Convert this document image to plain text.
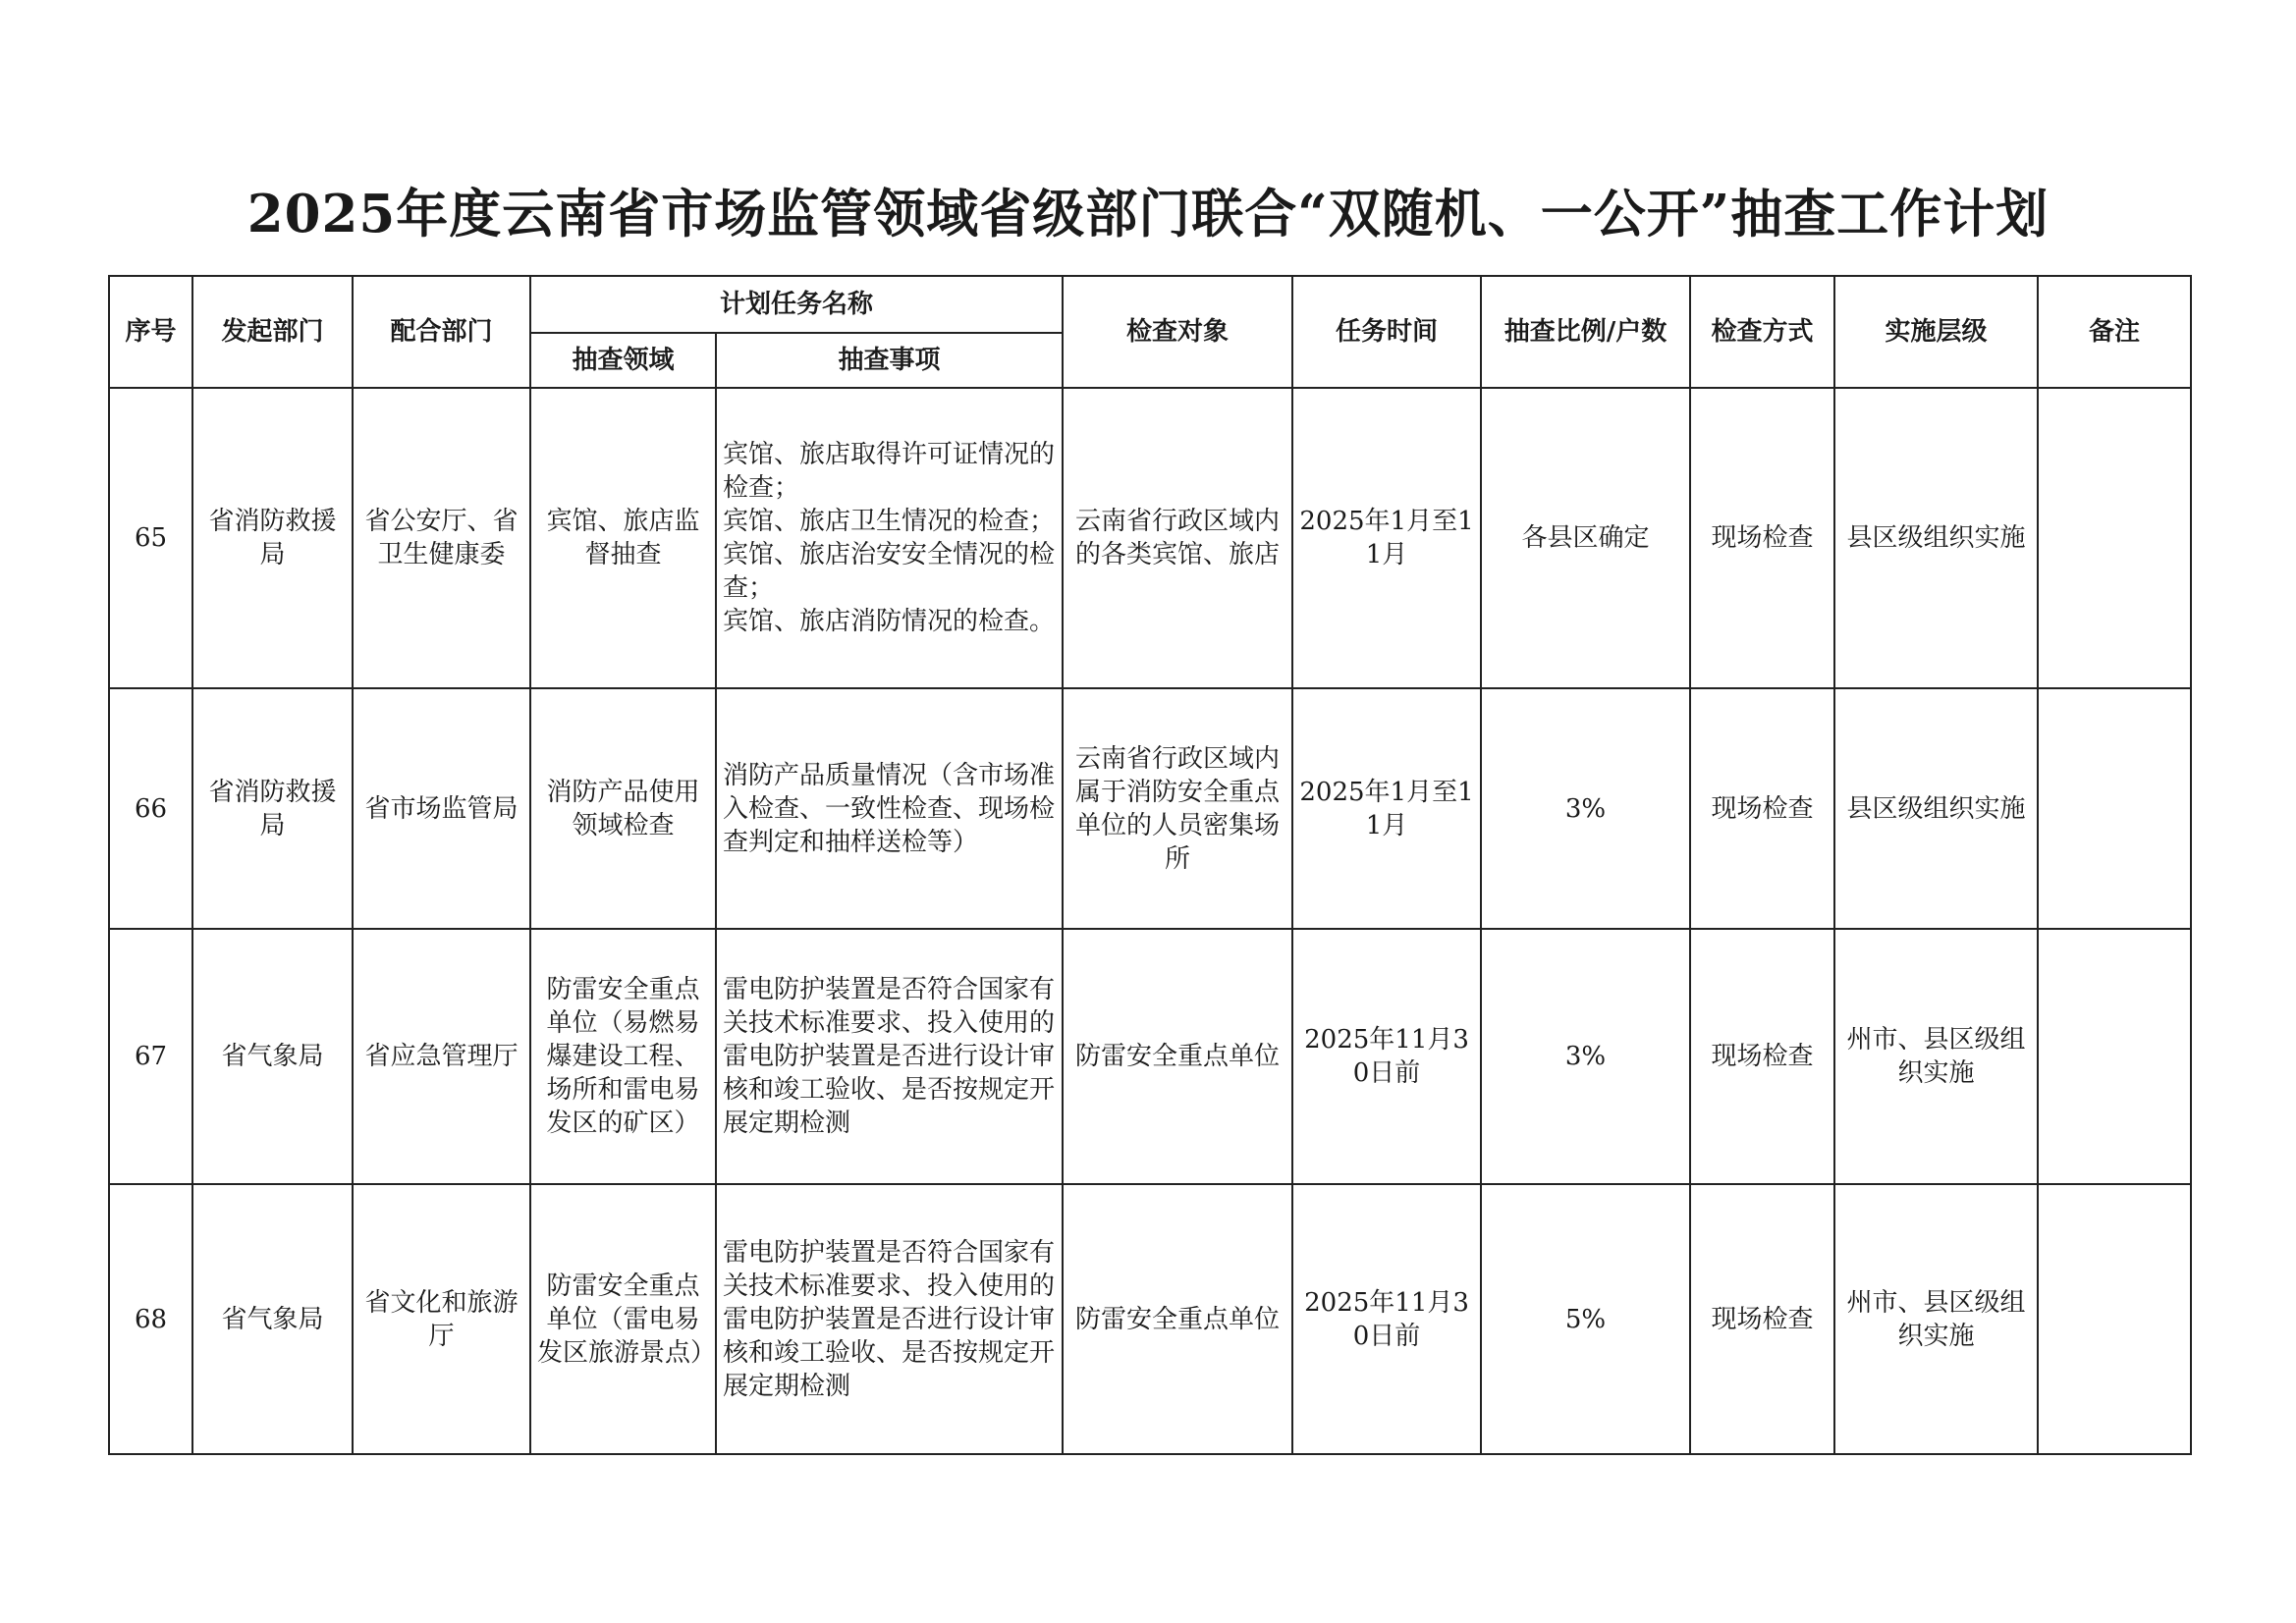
2025年度云南省市场监管领域省级部门联合“双随机、一公开”抽查工作计划
序号	发起部门	配合部门	计划任务名称		检查对象	任务时间	抽查比例/户数	检查方式	实施层级	备注
			抽查领域	抽查事项						
65	省消防救援局	省公安厅、省卫生健康委	宾馆、旅店监督抽查	宾馆、旅店取得许可证情况的检查；
宾馆、旅店卫生情况的检查；
宾馆、旅店治安安全情况的检查；
宾馆、旅店消防情况的检查。	云南省行政区域内的各类宾馆、旅店	2025年1月至11月	各县区确定	现场检查	县区级组织实施	
66	省消防救援局	省市场监管局	消防产品使用领域检查	消防产品质量情况（含市场准入检查、一致性检查、现场检查判定和抽样送检等）	云南省行政区域内属于消防安全重点单位的人员密集场所	2025年1月至11月	3%	现场检查	县区级组织实施	
67	省气象局	省应急管理厅	防雷安全重点单位（易燃易爆建设工程、场所和雷电易发区的矿区）	雷电防护装置是否符合国家有关技术标准要求、投入使用的雷电防护装置是否进行设计审核和竣工验收、是否按规定开展定期检测	防雷安全重点单位	2025年11月30日前	3%	现场检查	州市、县区级组织实施	
68	省气象局	省文化和旅游厅	防雷安全重点单位（雷电易发区旅游景点）	雷电防护装置是否符合国家有关技术标准要求、投入使用的雷电防护装置是否进行设计审核和竣工验收、是否按规定开展定期检测	防雷安全重点单位	2025年11月30日前	5%	现场检查	州市、县区级组织实施	
